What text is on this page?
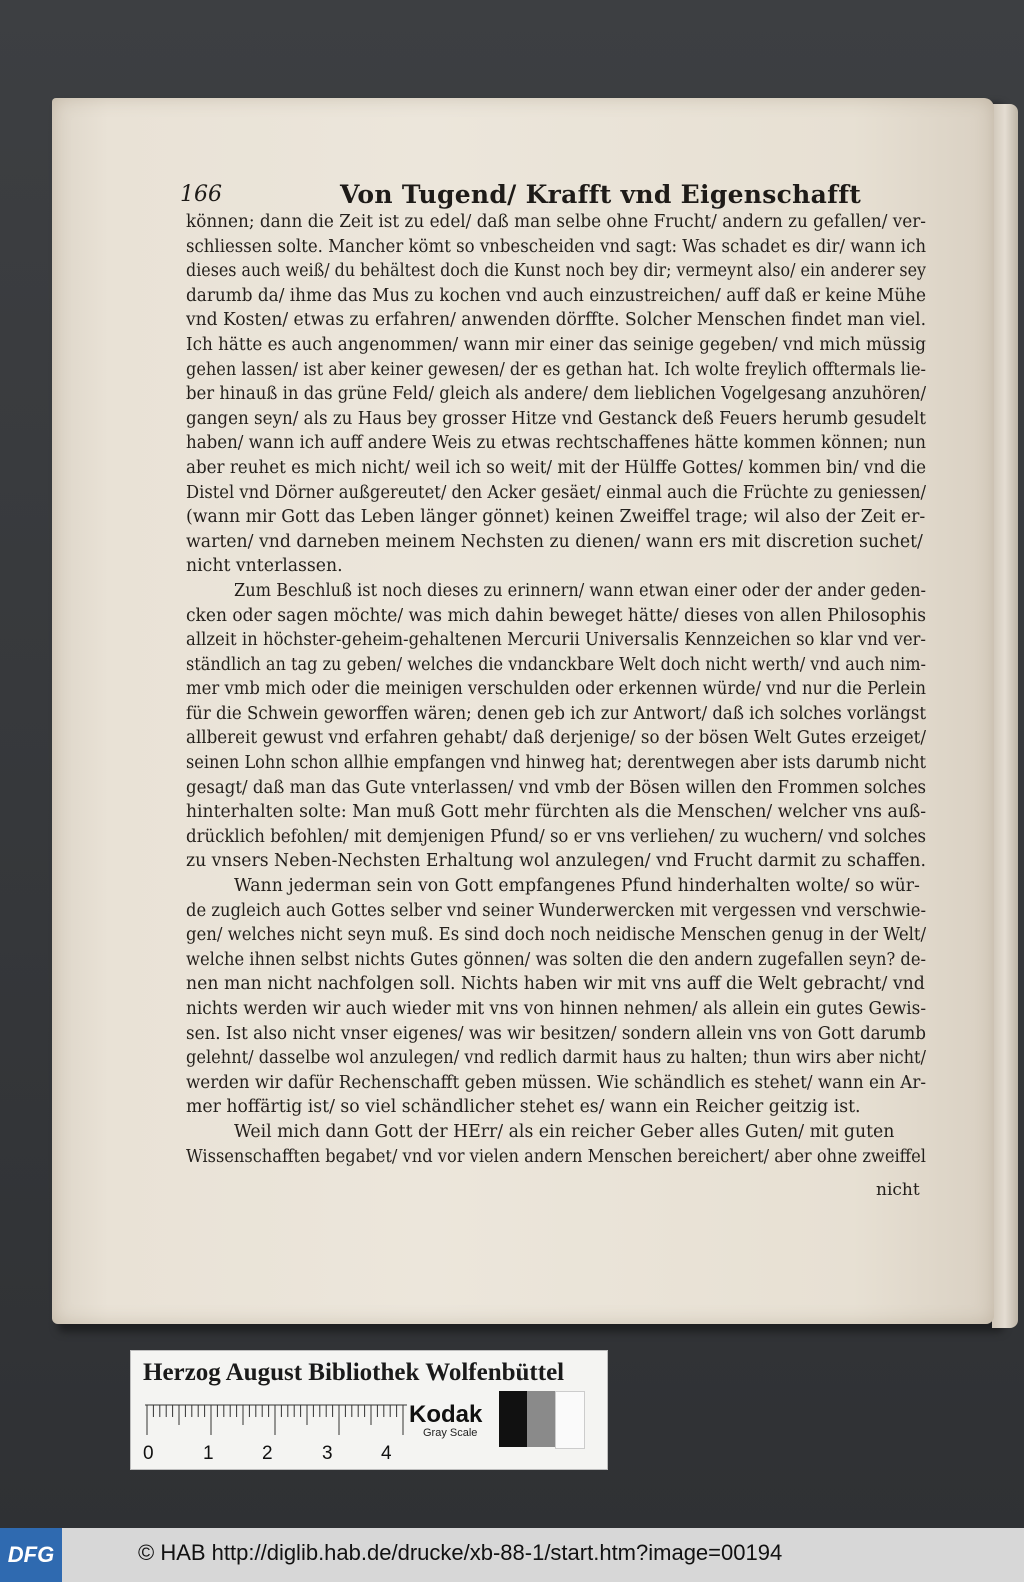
166	Von Tugend/ Krafft vnd Eigenschafft
können; dann die Zeit ist zu edel/ daß man selbe ohne Frucht/ andern zu gefallen/ ver-
schliessen solte. Mancher kömt so vnbescheiden vnd sagt: Was schadet es dir/ wann ich
dieses auch weiß/ du behältest doch die Kunst noch bey dir; vermeynt also/ ein anderer sey
darumb da/ ihme das Mus zu kochen vnd auch einzustreichen/ auff daß er keine Mühe
vnd Kosten/ etwas zu erfahren/ anwenden dörffte. Solcher Menschen findet man viel.
Ich hätte es auch angenommen/ wann mir einer das seinige gegeben/ vnd mich müssig
gehen lassen/ ist aber keiner gewesen/ der es gethan hat. Ich wolte freylich offtermals lie-
ber hinauß in das grüne Feld/ gleich als andere/ dem lieblichen Vogelgesang anzuhören/
gangen seyn/ als zu Haus bey grosser Hitze vnd Gestanck deß Feuers herumb gesudelt
haben/ wann ich auff andere Weis zu etwas rechtschaffenes hätte kommen können; nun
aber reuhet es mich nicht/ weil ich so weit/ mit der Hülffe Gottes/ kommen bin/ vnd die
Distel vnd Dörner außgereutet/ den Acker gesäet/ einmal auch die Früchte zu geniessen/
(wann mir Gott das Leben länger gönnet) keinen Zweiffel trage; wil also der Zeit er-
warten/ vnd darneben meinem Nechsten zu dienen/ wann ers mit discretion suchet/
nicht vnterlassen.
Zum Beschluß ist noch dieses zu erinnern/ wann etwan einer oder der ander geden-
cken oder sagen möchte/ was mich dahin beweget hätte/ dieses von allen Philosophis
allzeit in höchster-geheim-gehaltenen Mercurii Universalis Kennzeichen so klar vnd ver-
ständlich an tag zu geben/ welches die vndanckbare Welt doch nicht werth/ vnd auch nim-
mer vmb mich oder die meinigen verschulden oder erkennen würde/ vnd nur die Perlein
für die Schwein geworffen wären; denen geb ich zur Antwort/ daß ich solches vorlängst
allbereit gewust vnd erfahren gehabt/ daß derjenige/ so der bösen Welt Gutes erzeiget/
seinen Lohn schon allhie empfangen vnd hinweg hat; derentwegen aber ists darumb nicht
gesagt/ daß man das Gute vnterlassen/ vnd vmb der Bösen willen den Frommen solches
hinterhalten solte: Man muß Gott mehr fürchten als die Menschen/ welcher vns auß-
drücklich befohlen/ mit demjenigen Pfund/ so er vns verliehen/ zu wuchern/ vnd solches
zu vnsers Neben-Nechsten Erhaltung wol anzulegen/ vnd Frucht darmit zu schaffen.
Wann jederman sein von Gott empfangenes Pfund hinderhalten wolte/ so wür-
de zugleich auch Gottes selber vnd seiner Wunderwercken mit vergessen vnd verschwie-
gen/ welches nicht seyn muß. Es sind doch noch neidische Menschen genug in der Welt/
welche ihnen selbst nichts Gutes gönnen/ was solten die den andern zugefallen seyn? de-
nen man nicht nachfolgen soll. Nichts haben wir mit vns auff die Welt gebracht/ vnd
nichts werden wir auch wieder mit vns von hinnen nehmen/ als allein ein gutes Gewis-
sen. Ist also nicht vnser eigenes/ was wir besitzen/ sondern allein vns von Gott darumb
gelehnt/ dasselbe wol anzulegen/ vnd redlich darmit haus zu halten; thun wirs aber nicht/
werden wir dafür Rechenschafft geben müssen. Wie schändlich es stehet/ wann ein Ar-
mer hoffärtig ist/ so viel schändlicher stehet es/ wann ein Reicher geitzig ist.
Weil mich dann Gott der HErr/ als ein reicher Geber alles Guten/ mit guten
Wissenschafften begabet/ vnd vor vielen andern Menschen bereichert/ aber ohne zweiffel
nicht
Herzog August Bibliothek Wolfenbüttel
0	1	2	3	4
Kodak
Gray Scale
DFG	© HAB http://diglib.hab.de/drucke/xb-88-1/start.htm?image=00194
